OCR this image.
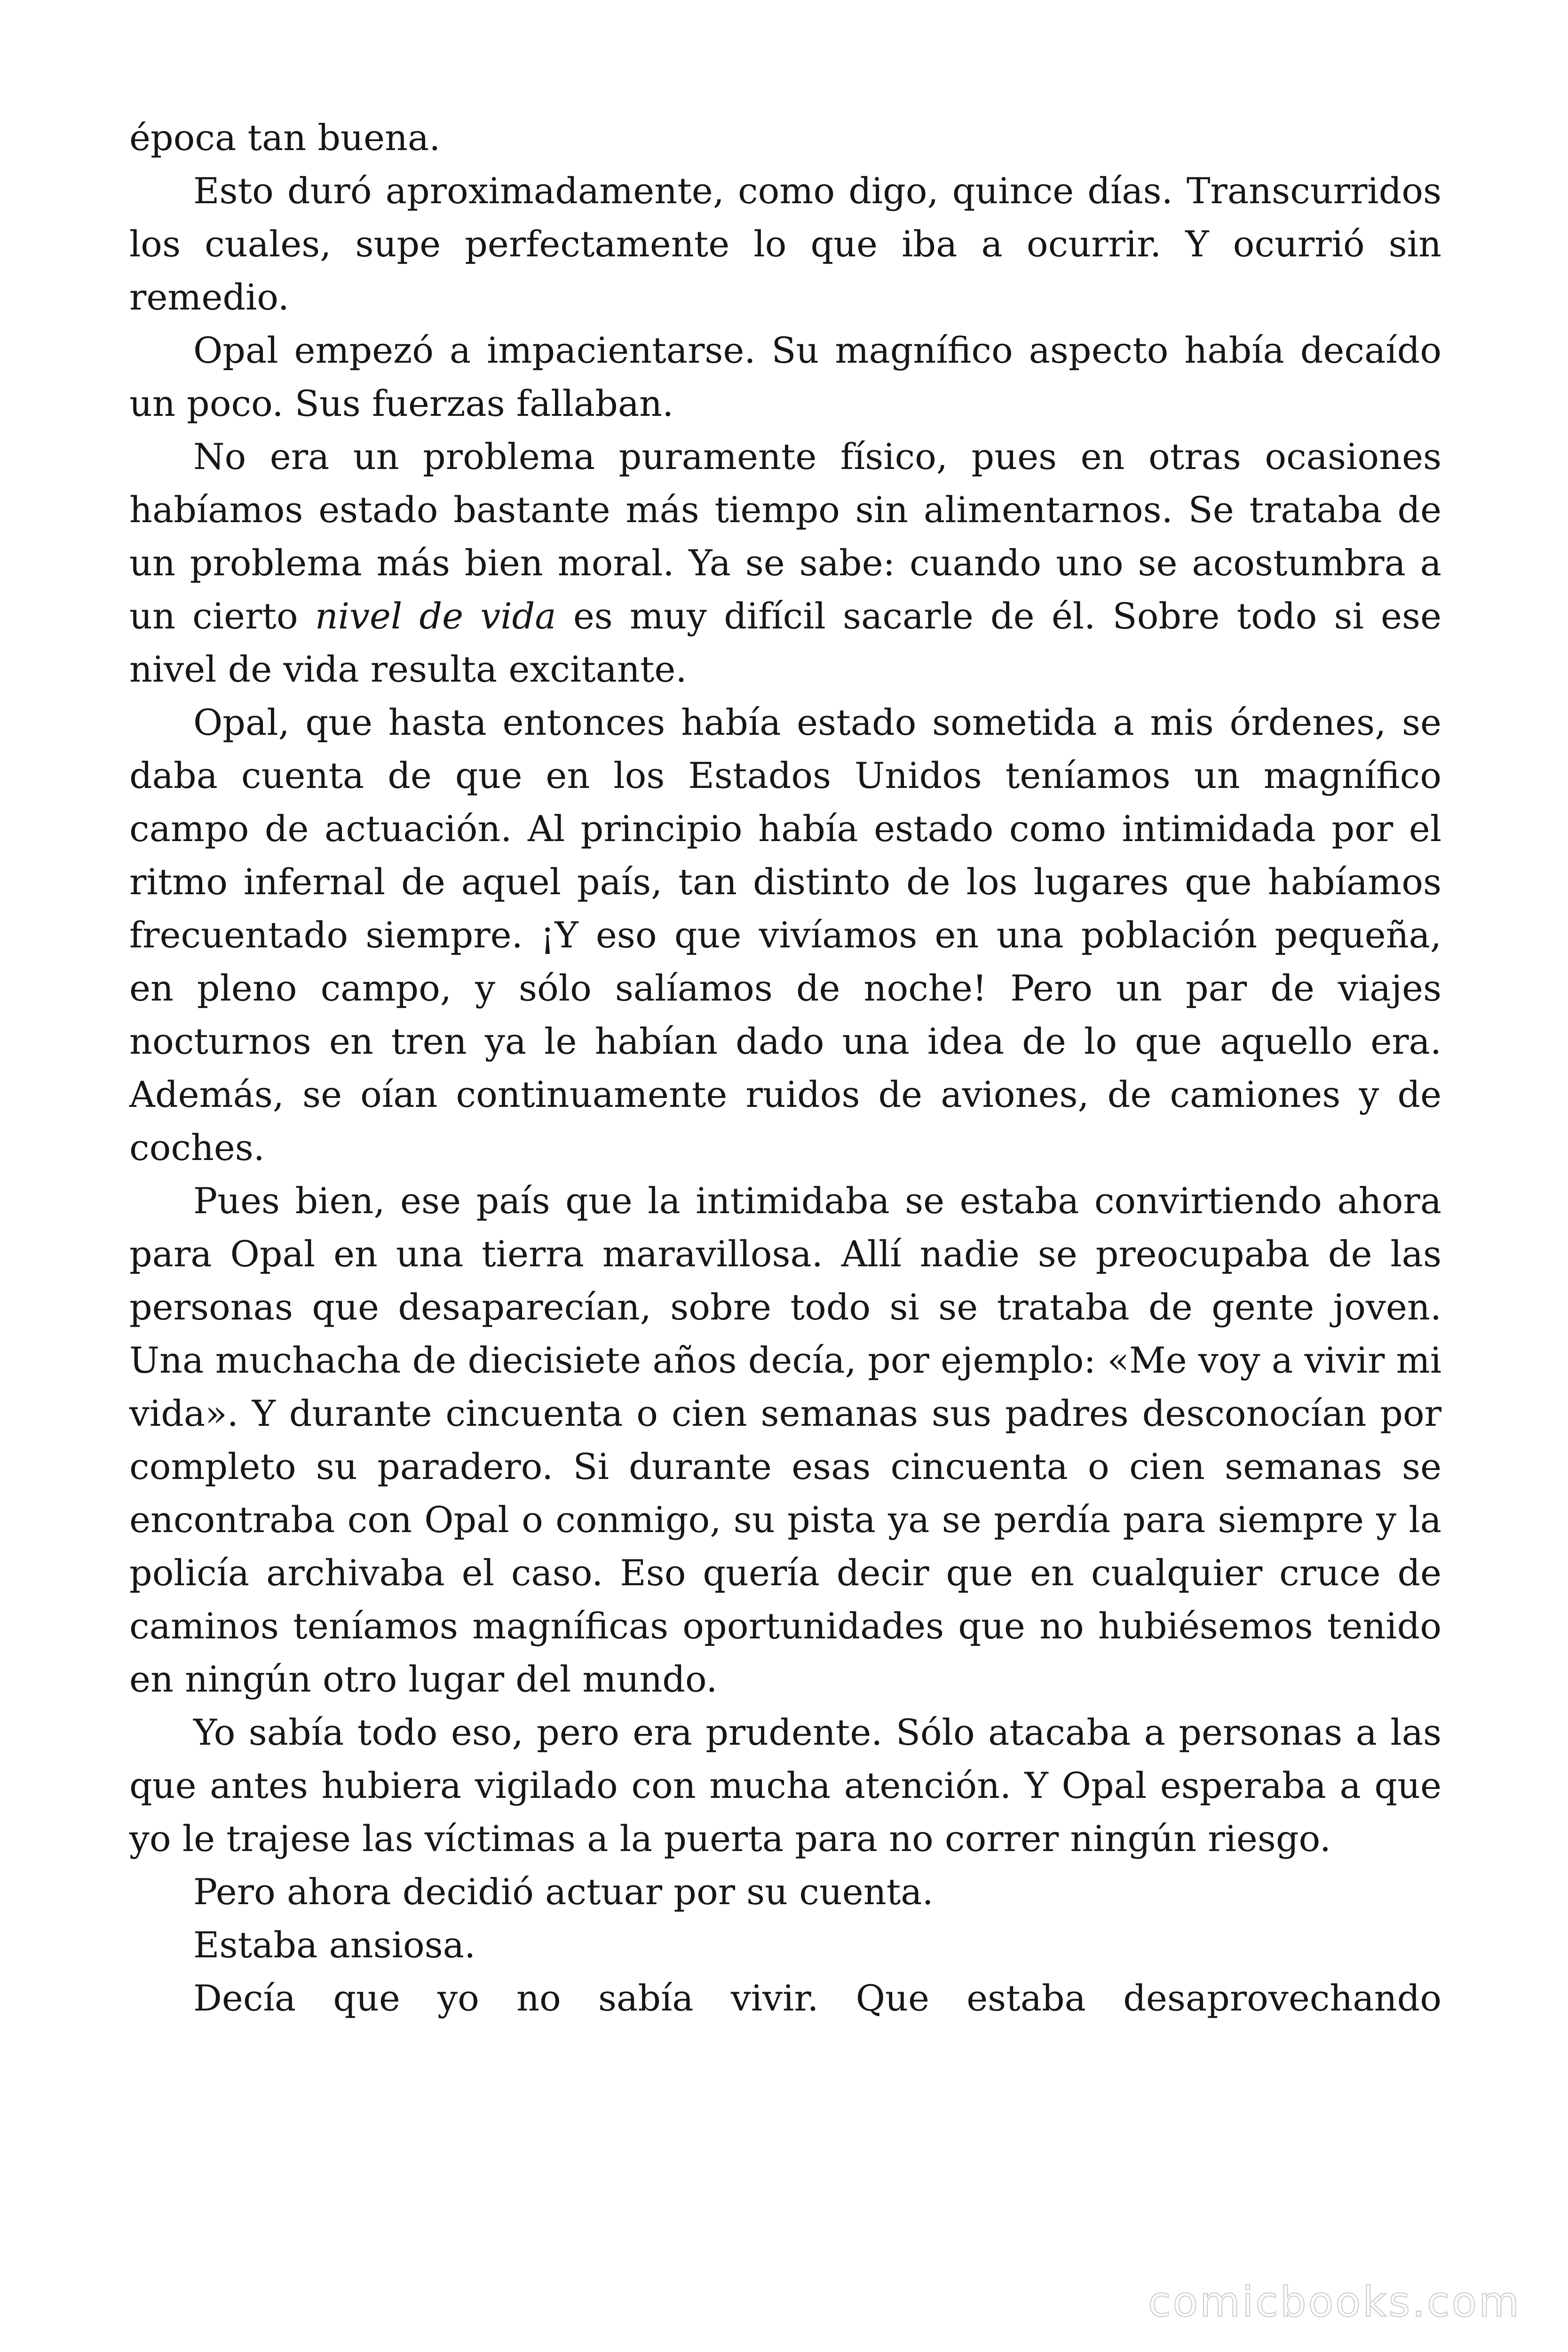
época tan buena.

Esto duró aproximadamente, como digo, quince días. Transcurridos los cuales, supe perfectamente lo que iba a ocurrir. Y ocurrió sin remedio.

Opal empezó a impacientarse. Su magnífico aspecto había decaído un poco. Sus fuerzas fallaban.

No era un problema puramente físico, pues en otras ocasiones habíamos estado bastante más tiempo sin alimentarnos. Se trataba de un problema más bien moral. Ya se sabe: cuando uno se acostumbra a un cierto nivel de vida es muy difícil sacarle de él. Sobre todo si ese nivel de vida resulta excitante.

Opal, que hasta entonces había estado sometida a mis órdenes, se daba cuenta de que en los Estados Unidos teníamos un magnífico campo de actuación. Al principio había estado como intimidada por el ritmo infernal de aquel país, tan distinto de los lugares que habíamos frecuentado siempre. ¡Y eso que vivíamos en una población pequeña, en pleno campo, y sólo salíamos de noche! Pero un par de viajes nocturnos en tren ya le habían dado una idea de lo que aquello era. Además, se oían continuamente ruidos de aviones, de camiones y de coches.

Pues bien, ese país que la intimidaba se estaba convirtiendo ahora para Opal en una tierra maravillosa. Allí nadie se preocupaba de las personas que desaparecían, sobre todo si se trataba de gente joven. Una muchacha de diecisiete años decía, por ejemplo: «Me voy a vivir mi vida». Y durante cincuenta o cien semanas sus padres desconocían por completo su paradero. Si durante esas cincuenta o cien semanas se encontraba con Opal o conmigo, su pista ya se perdía para siempre y la policía archivaba el caso. Eso quería decir que en cualquier cruce de caminos teníamos magníficas oportunidades que no hubiésemos tenido en ningún otro lugar del mundo.

Yo sabía todo eso, pero era prudente. Sólo atacaba a personas a las que antes hubiera vigilado con mucha atención. Y Opal esperaba a que yo le trajese las víctimas a la puerta para no correr ningún riesgo.

Pero ahora decidió actuar por su cuenta.

Estaba ansiosa.

Decía que yo no sabía vivir. Que estaba desaprovechando

comicbooks.com
